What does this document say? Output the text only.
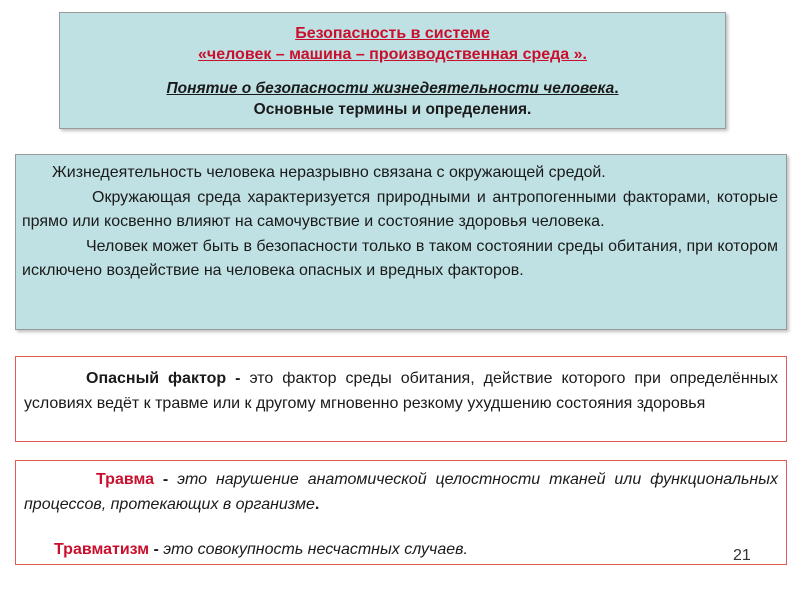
Безопасность в системе
«человек – машина – производственная среда ».
Понятие о безопасности жизнедеятельности человека.
Основные термины и определения.

Жизнедеятельность человека неразрывно связана с окружающей средой.

Окружающая среда характеризуется природными и антропогенными факторами, которые прямо или косвенно влияют на самочувствие и состояние здоровья человека.

Человек может быть в безопасности только в таком состоянии среды обитания, при котором исключено воздействие на человека опасных и вредных факторов.

Опасный фактор - это фактор среды обитания, действие которого при определённых условиях ведёт к травме или к другому мгновенно резкому ухудшению состояния здоровья

Травма - это нарушение анатомической целостности тканей или функциональных процессов, протекающих в организме.

Травматизм - это совокупность несчастных случаев.	21
